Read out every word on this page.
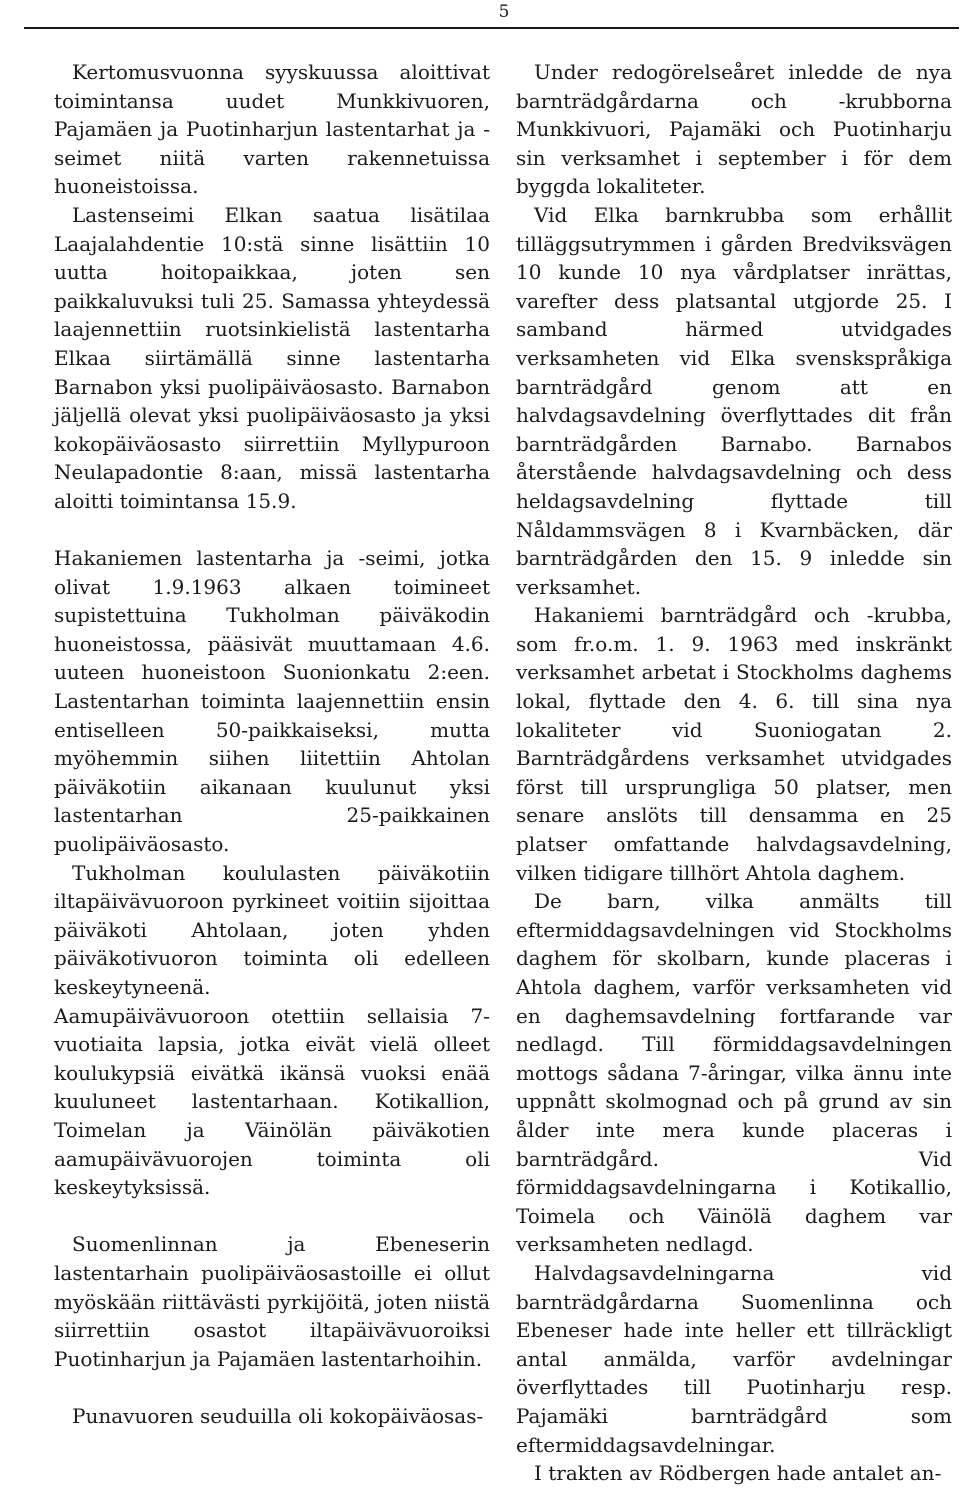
5

Kertomusvuonna syyskuussa aloittivat toimintansa uudet Munkkivuoren, Pajamäen ja Puotinharjun lastentarhat ja -seimet niitä varten rakennetuissa huoneistoissa.

Lastenseimi Elkan saatua lisätilaa Laajalahdentie 10:stä sinne lisättiin 10 uutta hoitopaikkaa, joten sen paikkaluvuksi tuli 25. Samassa yhteydessä laajennettiin ruotsinkielistä lastentarha Elkaa siirtämällä sinne lastentarha Barnabon yksi puolipäiväosasto. Barnabon jäljellä olevat yksi puolipäiväosasto ja yksi kokopäiväosasto siirrettiin Myllypuroon Neulapadontie 8:aan, missä lastentarha aloitti toimintansa 15.9.

Hakaniemen lastentarha ja -seimi, jotka olivat 1.9.1963 alkaen toimineet supistettuina Tukholman päiväkodin huoneistossa, pääsivät muuttamaan 4.6. uuteen huoneistoon Suonionkatu 2:een. Lastentarhan toiminta laajennettiin ensin entiselleen 50-paikkaiseksi, mutta myöhemmin siihen liitettiin Ahtolan päiväkotiin aikanaan kuulunut yksi lastentarhan 25-paikkainen puolipäiväosasto.

Tukholman koululasten päiväkotiin iltapäivävuoroon pyrkineet voitiin sijoittaa päiväkoti Ahtolaan, joten yhden päiväkotivuoron toiminta oli edelleen keskeytyneenä.

Aamupäivävuoroon otettiin sellaisia 7-vuotiaita lapsia, jotka eivät vielä olleet koulukypsiä eivätkä ikänsä vuoksi enää kuuluneet lastentarhaan. Kotikallion, Toimelan ja Väinölän päiväkotien aamupäivävuorojen toiminta oli keskeytyksissä.

Suomenlinnan ja Ebeneserin lastentarhain puolipäiväosastoille ei ollut myöskään riittävästi pyrkijöitä, joten niistä siirrettiin osastot iltapäivävuoroiksi Puotinharjun ja Pajamäen lastentarhoihin.

Punavuoren seuduilla oli kokopäiväosas-

Under redogörelseåret inledde de nya barnträdgårdarna och -krubborna Munkkivuori, Pajamäki och Puotinharju sin verksamhet i september i för dem byggda lokaliteter.

Vid Elka barnkrubba som erhållit tilläggsutrymmen i gården Bredviksvägen 10 kunde 10 nya vårdplatser inrättas, varefter dess platsantal utgjorde 25. I samband härmed utvidgades verksamheten vid Elka svenskspråkiga barnträdgård genom att en halvdagsavdelning överflyttades dit från barnträdgården Barnabo. Barnabos återstående halvdagsavdelning och dess heldagsavdelning flyttade till Nåldammsvägen 8 i Kvarnbäcken, där barnträdgården den 15. 9 inledde sin verksamhet.

Hakaniemi barnträdgård och -krubba, som fr.o.m. 1. 9. 1963 med inskränkt verksamhet arbetat i Stockholms daghems lokal, flyttade den 4. 6. till sina nya lokaliteter vid Suoniogatan 2. Barnträdgårdens verksamhet utvidgades först till ursprungliga 50 platser, men senare anslöts till densamma en 25 platser omfattande halvdagsavdelning, vilken tidigare tillhört Ahtola daghem.

De barn, vilka anmälts till eftermiddagsavdelningen vid Stockholms daghem för skolbarn, kunde placeras i Ahtola daghem, varför verksamheten vid en daghemsavdelning fortfarande var nedlagd. Till förmiddagsavdelningen mottogs sådana 7-åringar, vilka ännu inte uppnått skolmognad och på grund av sin ålder inte mera kunde placeras i barnträdgård. Vid förmiddagsavdelningarna i Kotikallio, Toimela och Väinölä daghem var verksamheten nedlagd.

Halvdagsavdelningarna vid barnträdgårdarna Suomenlinna och Ebeneser hade inte heller ett tillräckligt antal anmälda, varför avdelningar överflyttades till Puotinharju resp. Pajamäki barnträdgård som eftermiddagsavdelningar.

I trakten av Rödbergen hade antalet an-
